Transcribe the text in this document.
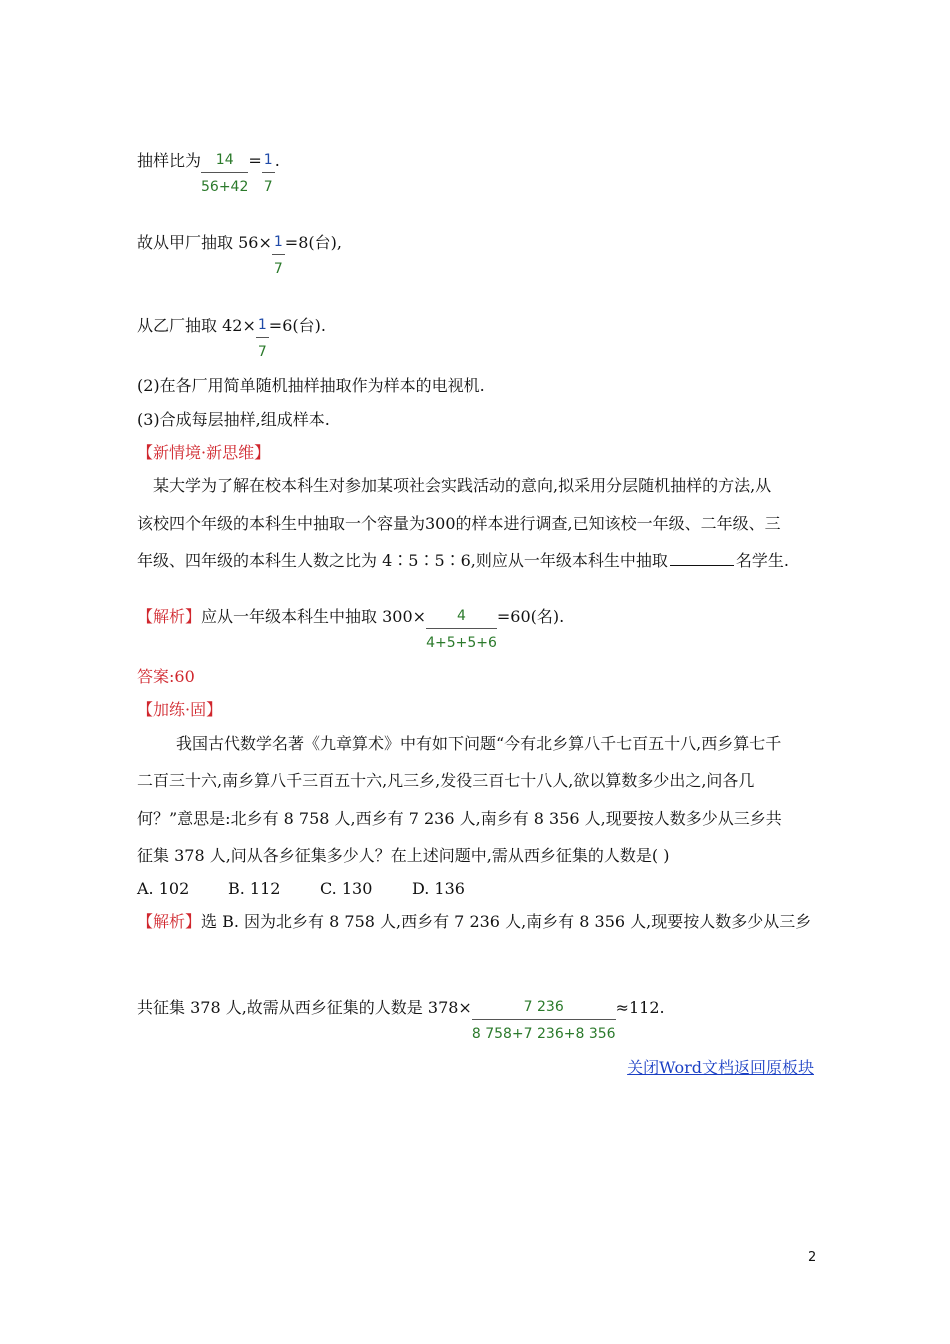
抽样比为 $\frac{14}{56+42} = \frac{1}{7}$ .
故从甲厂抽取 $56\times \frac{1}{7} =8$(台),
从乙厂抽取 $42\times \frac{1}{7} =6$(台).
(2)在各厂用简单随机抽样抽取作为样本的电视机.
(3)合成每层抽样,组成样本.
【新情境·新思维】
某大学为了解在校本科生对参加某项社会实践活动的意向,拟采用分层随机抽样的方法,从
该校四个年级的本科生中抽取一个容量为300的样本进行调查,已知该校一年级、二年级、三
年级、四年级的本科生人数之比为 4∶5∶5∶6,则应从一年级本科生中抽取	名学生.
【解析】应从一年级本科生中抽取 $300\times \frac{4}{4+5+5+6} =60$(名).
答案:60
【加练·固】
我国古代数学名著《九章算术》中有如下问题“今有北乡算八千七百五十八,西乡算七千
二百三十六,南乡算八千三百五十六,凡三乡,发役三百七十八人,欲以算数多少出之,问各几
何？”意思是:北乡有 8 758 人,西乡有 7 236 人,南乡有 8 356 人,现要按人数多少从三乡共
征集 378 人,问从各乡征集多少人？在上述问题中,需从西乡征集的人数是( )
A. 102 B. 112 C. 130 D. 136
【解析】选 B. 因为北乡有 8 758 人,西乡有 7 236 人,南乡有 8 356 人,现要按人数多少从三乡
共征集 378 人,故需从西乡征集的人数是 $378\times \frac{7 236}{8 758+7 236+8 356} \approx 112$.
关闭Word文档返回原板块
2
